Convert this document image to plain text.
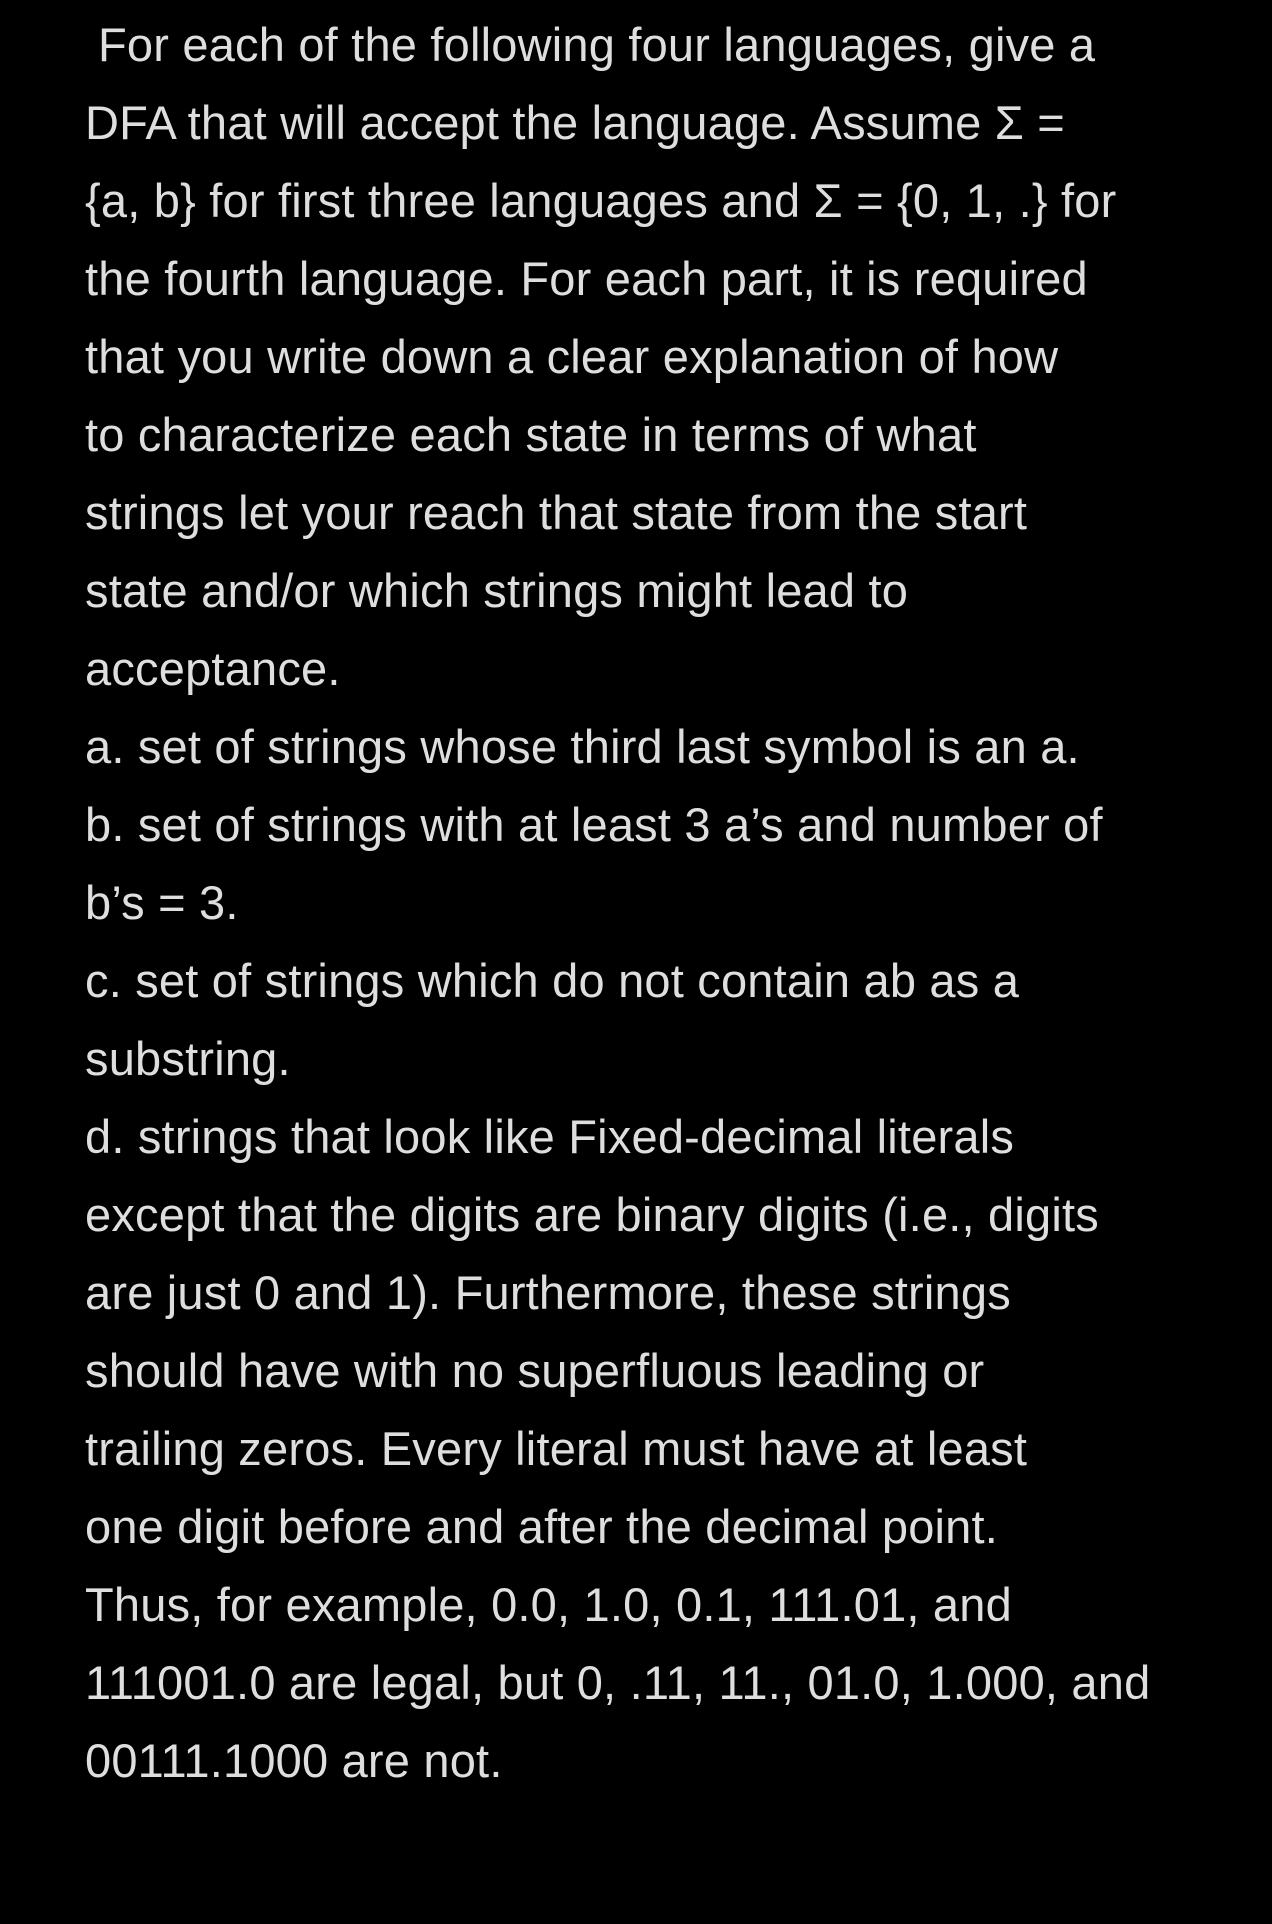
For each of the following four languages, give a
DFA that will accept the language. Assume Σ =
{a, b} for first three languages and Σ = {0, 1, .} for
the fourth language. For each part, it is required
that you write down a clear explanation of how
to characterize each state in terms of what
strings let your reach that state from the start
state and/or which strings might lead to
acceptance.
a. set of strings whose third last symbol is an a.
b. set of strings with at least 3 a’s and number of
b’s = 3.
c. set of strings which do not contain ab as a
substring.
d. strings that look like Fixed-decimal literals
except that the digits are binary digits (i.e., digits
are just 0 and 1). Furthermore, these strings
should have with no superfluous leading or
trailing zeros. Every literal must have at least
one digit before and after the decimal point.
Thus, for example, 0.0, 1.0, 0.1, 111.01, and
111001.0 are legal, but 0, .11, 11., 01.0, 1.000, and
00111.1000 are not.
